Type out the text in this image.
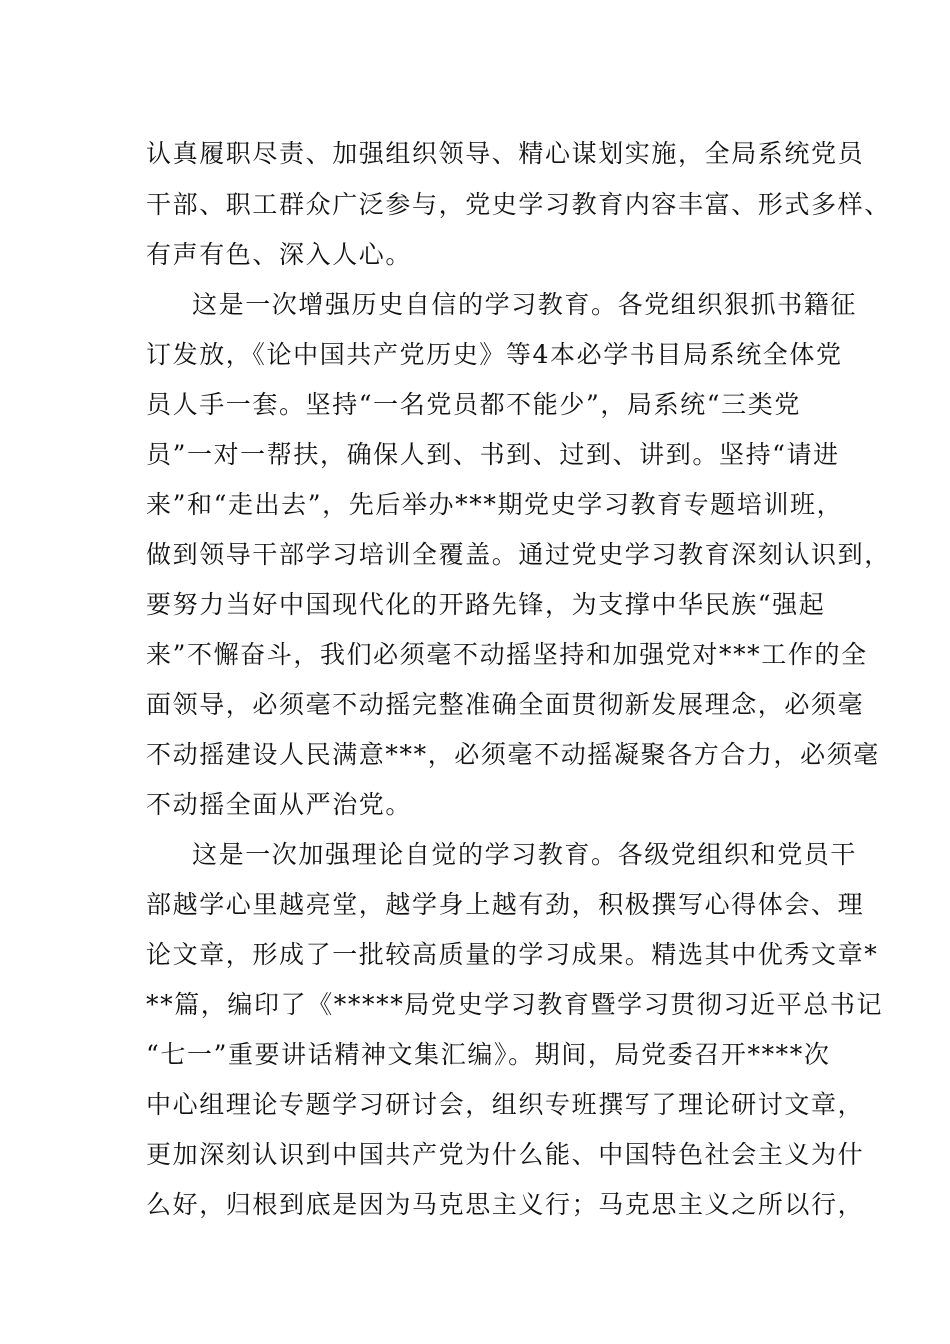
认真履职尽责、加强组织领导、精心谋划实施，全局系统党员
干部、职工群众广泛参与，党史学习教育内容丰富、形式多样、
有声有色、深入人心。
这是一次增强历史自信的学习教育。各党组织狠抓书籍征
订发放，《论中国共产党历史》等4本必学书目局系统全体党
员人手一套。坚持“一名党员都不能少”，局系统“三类党
员”一对一帮扶，确保人到、书到、过到、讲到。坚持“请进
来”和“走出去”，先后举办***期党史学习教育专题培训班，
做到领导干部学习培训全覆盖。通过党史学习教育深刻认识到，
要努力当好中国现代化的开路先锋，为支撑中华民族“强起
来”不懈奋斗，我们必须毫不动摇坚持和加强党对***工作的全
面领导，必须毫不动摇完整准确全面贯彻新发展理念，必须毫
不动摇建设人民满意***，必须毫不动摇凝聚各方合力，必须毫
不动摇全面从严治党。
这是一次加强理论自觉的学习教育。各级党组织和党员干
部越学心里越亮堂，越学身上越有劲，积极撰写心得体会、理
论文章，形成了一批较高质量的学习成果。精选其中优秀文章*
**篇，编印了《*****局党史学习教育暨学习贯彻习近平总书记
“七一”重要讲话精神文集汇编》。期间，局党委召开****次
中心组理论专题学习研讨会，组织专班撰写了理论研讨文章，
更加深刻认识到中国共产党为什么能、中国特色社会主义为什
么好，归根到底是因为马克思主义行；马克思主义之所以行，
